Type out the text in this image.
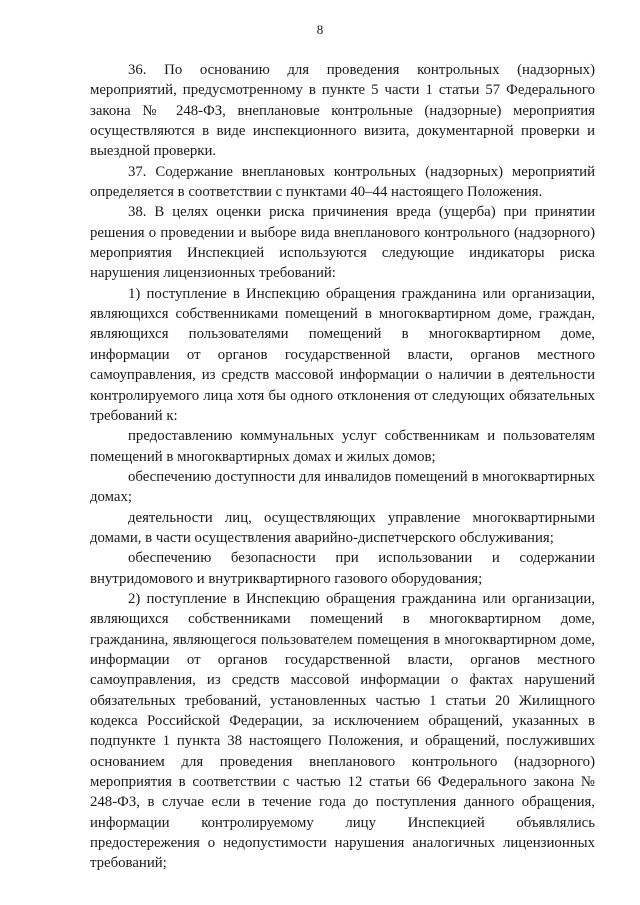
8

36. По основанию для проведения контрольных (надзорных) мероприятий, предусмотренному в пункте 5 части 1 статьи 57 Федерального закона № 248-ФЗ, внеплановые контрольные (надзорные) мероприятия осуществляются в виде инспекционного визита, документарной проверки и выездной проверки.

37. Содержание внеплановых контрольных (надзорных) мероприятий определяется в соответствии с пунктами 40–44 настоящего Положения.

38. В целях оценки риска причинения вреда (ущерба) при принятии решения о проведении и выборе вида внепланового контрольного (надзорного) мероприятия Инспекцией используются следующие индикаторы риска нарушения лицензионных требований:

1) поступление в Инспекцию обращения гражданина или организации, являющихся собственниками помещений в многоквартирном доме, граждан, являющихся пользователями помещений в многоквартирном доме, информации от органов государственной власти, органов местного самоуправления, из средств массовой информации о наличии в деятельности контролируемого лица хотя бы одного отклонения от следующих обязательных требований к:

предоставлению коммунальных услуг собственникам и пользователям помещений в многоквартирных домах и жилых домов;

обеспечению доступности для инвалидов помещений в многоквартирных домах;

деятельности лиц, осуществляющих управление многоквартирными домами, в части осуществления аварийно-диспетчерского обслуживания;

обеспечению безопасности при использовании и содержании внутридомового и внутриквартирного газового оборудования;

2) поступление в Инспекцию обращения гражданина или организации, являющихся собственниками помещений в многоквартирном доме, гражданина, являющегося пользователем помещения в многоквартирном доме, информации от органов государственной власти, органов местного самоуправления, из средств массовой информации о фактах нарушений обязательных требований, установленных частью 1 статьи 20 Жилищного кодекса Российской Федерации, за исключением обращений, указанных в подпункте 1 пункта 38 настоящего Положения, и обращений, послуживших основанием для проведения внепланового контрольного (надзорного) мероприятия в соответствии с частью 12 статьи 66 Федерального закона № 248-ФЗ, в случае если в течение года до поступления данного обращения, информации контролируемому лицу Инспекцией объявлялись предостережения о недопустимости нарушения аналогичных лицензионных требований;
